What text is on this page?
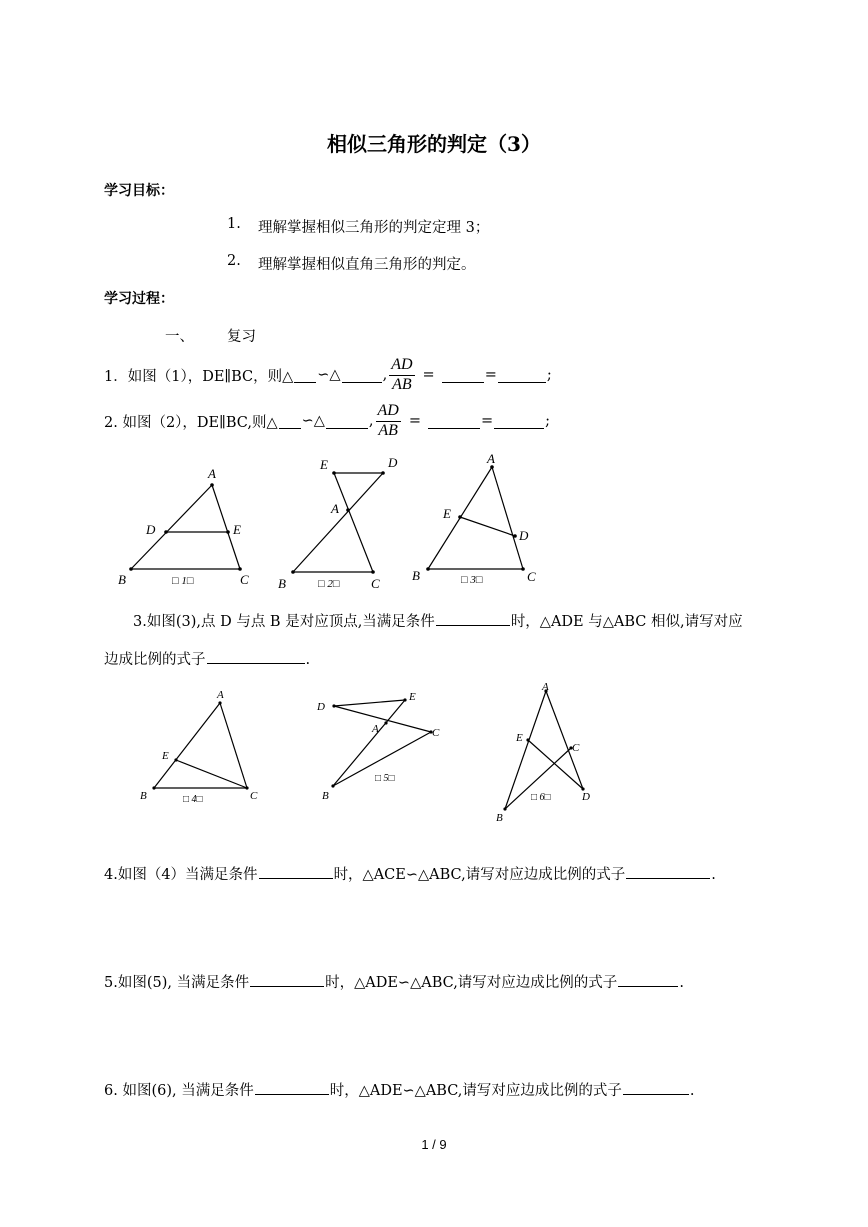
相似三角形的判定（3）
学习目标：
1. 理解掌握相似三角形的判定定理 3；
2. 理解掌握相似直角三角形的判定。
学习过程：
一、 复习
1．如图（1），DE∥BC，则△ ∽△	, $\frac{AD}{AB}$ =	=	;
2. 如图（2），DE∥BC,则△ ∽△	, $\frac{AD}{AB}$ =	=	;
A
B	C
D	E
□ 1□
E	D
A
B	C
□ 2□
A
E
D
B	C
□ 3□
3.如图(3),点 D 与点 B 是对应顶点,当满足条件	时，△ADE 与△ABC 相似,请写对应
边成比例的式子	.
A
E
B	C
□ 4□
D
E
A	C
B
□ 5□
A
E
C
D
B
□ 6□
4.如图（4）当满足条件	时，△ACE∽△ABC,请写对应边成比例的式子	.
5.如图(5), 当满足条件	时，△ADE∽△ABC,请写对应边成比例的式子	.
6. 如图(6), 当满足条件	时，△ADE∽△ABC,请写对应边成比例的式子	.
1 / 9
